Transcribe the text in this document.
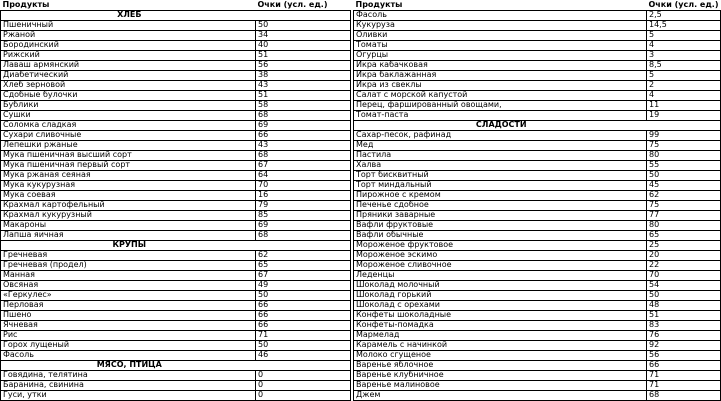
Продукты	Очки (усл. ед.)
ХЛЕБ	
Пшеничный	50
Ржаной	34
Бородинский	40
Рижский	51
Лаваш армянский	56
Диабетический	38
Хлеб зерновой	43
Сдобные булочки	51
Бублики	58
Сушки	68
Соломка сладкая	69
Сухари сливочные	66
Лепешки ржаные	43
Мука пшеничная высший сорт	68
Мука пшеничная первый сорт	67
Мука ржаная сеяная	64
Мука кукурузная	70
Мука соевая	16
Крахмал картофельный	79
Крахмал кукурузный	85
Макароны	69
Лапша яичная	68
КРУПЫ	
Гречневая	62
Гречневая (продел)	65
Манная	67
Овсяная	49
«Геркулес»	50
Перловая	66
Пшено	66
Ячневая	66
Рис	71
Горох лущеный	50
Фасоль	46
МЯСО, ПТИЦА	
Говядина, телятина	0
Баранина, свинина	0
Гуси, утки	0
Продукты	Очки (усл. ед.)
Фасоль	2,5
Кукуруза	14,5
Оливки	5
Томаты	4
Огурцы	3
Икра кабачковая	8,5
Икра баклажанная	5
Икра из свеклы	2
Салат с морской капустой	4
Перец, фаршированный овощами,	11
Томат-паста	19
СЛАДОСТИ	
Сахар-песок, рафинад	99
Мед	75
Пастила	80
Халва	55
Торт бисквитный	50
Торт миндальный	45
Пирожное с кремом	62
Печенье сдобное	75
Пряники заварные	77
Вафли фруктовые	80
Вафли обычные	65
Мороженое фруктовое	25
Мороженое эскимо	20
Мороженое сливочное	22
Леденцы	70
Шоколад молочный	54
Шоколад горький	50
Шоколад с орехами	48
Конфеты шоколадные	51
Конфеты-помадка	83
Мармелад	76
Карамель с начинкой	92
Молоко сгущеное	56
Варенье яблочное	66
Варенье клубничное	71
Варенье малиновое	71
Джем	68
